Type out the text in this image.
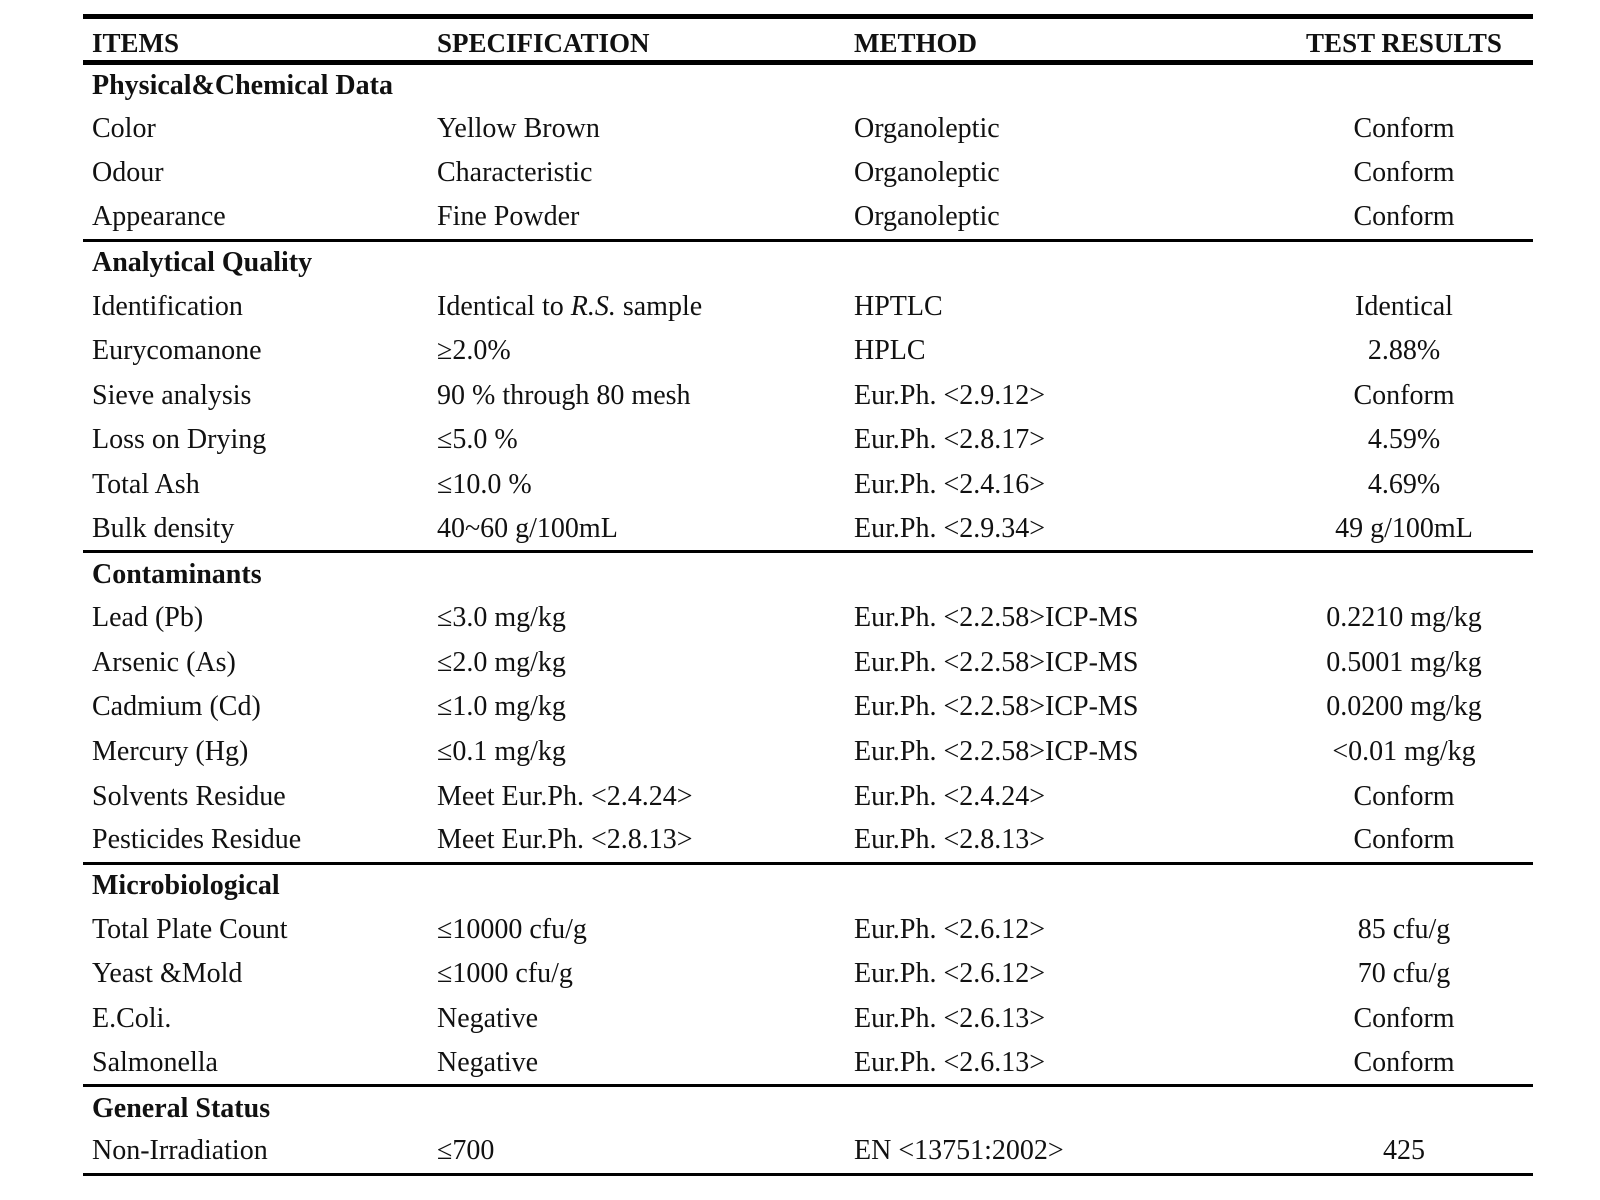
ITEMS	SPECIFICATION	METHOD	TEST RESULTS
Physical&Chemical Data			
Color	Yellow Brown	Organoleptic	Conform
Odour	Characteristic	Organoleptic	Conform
Appearance	Fine Powder	Organoleptic	Conform
Analytical Quality			
Identification	Identical to R.S. sample	HPTLC	Identical
Eurycomanone	≥2.0%	HPLC	2.88%
Sieve analysis	90 % through 80 mesh	Eur.Ph. <2.9.12>	Conform
Loss on Drying	≤5.0 %	Eur.Ph. <2.8.17>	4.59%
Total Ash	≤10.0 %	Eur.Ph. <2.4.16>	4.69%
Bulk density	40~60 g/100mL	Eur.Ph. <2.9.34>	49 g/100mL
Contaminants			
Lead (Pb)	≤3.0 mg/kg	Eur.Ph. <2.2.58>ICP-MS	0.2210 mg/kg
Arsenic (As)	≤2.0 mg/kg	Eur.Ph. <2.2.58>ICP-MS	0.5001 mg/kg
Cadmium (Cd)	≤1.0 mg/kg	Eur.Ph. <2.2.58>ICP-MS	0.0200 mg/kg
Mercury (Hg)	≤0.1 mg/kg	Eur.Ph. <2.2.58>ICP-MS	<0.01 mg/kg
Solvents Residue	Meet Eur.Ph. <2.4.24>	Eur.Ph. <2.4.24>	Conform
Pesticides Residue	Meet Eur.Ph. <2.8.13>	Eur.Ph. <2.8.13>	Conform
Microbiological			
Total Plate Count	≤10000 cfu/g	Eur.Ph. <2.6.12>	85 cfu/g
Yeast &Mold	≤1000 cfu/g	Eur.Ph. <2.6.12>	70 cfu/g
E.Coli.	Negative	Eur.Ph. <2.6.13>	Conform
Salmonella	Negative	Eur.Ph. <2.6.13>	Conform
General Status			
Non-Irradiation	≤700	EN <13751:2002>	425
